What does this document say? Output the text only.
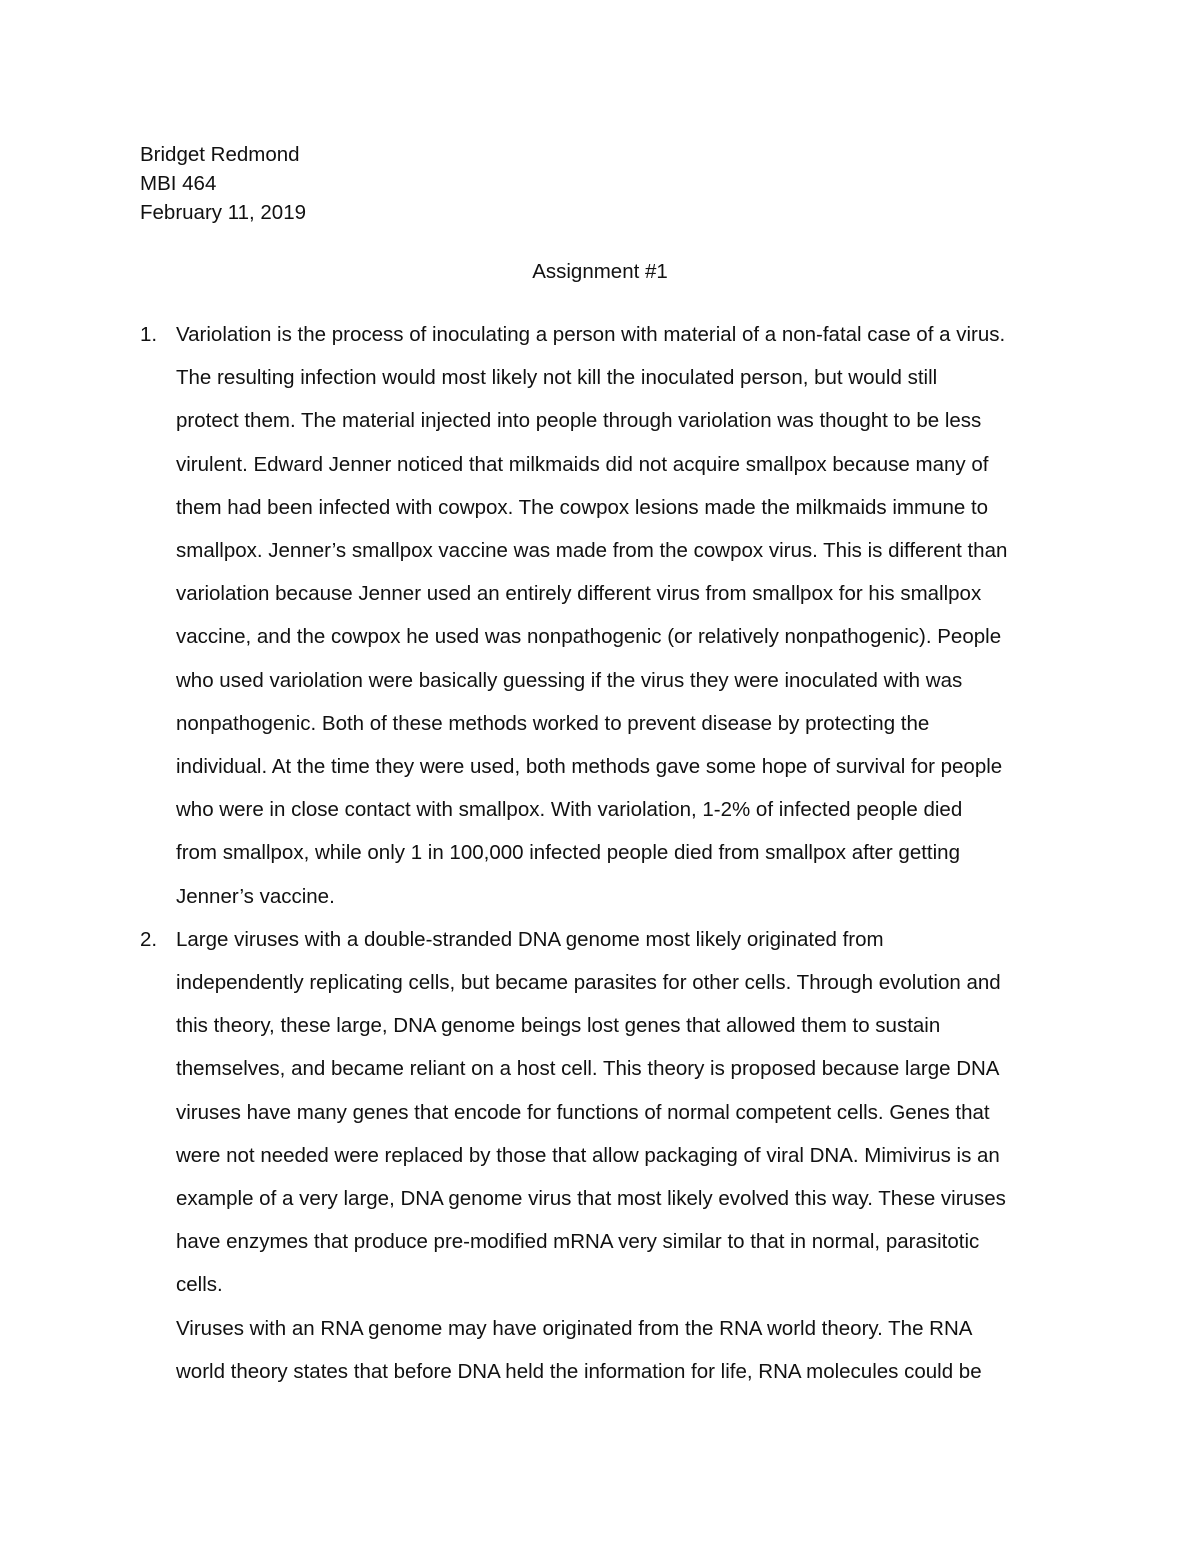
Bridget Redmond
MBI 464
February 11, 2019
Assignment #1
1. Variolation is the process of inoculating a person with material of a non-fatal case of a virus.
The resulting infection would most likely not kill the inoculated person, but would still
protect them. The material injected into people through variolation was thought to be less
virulent. Edward Jenner noticed that milkmaids did not acquire smallpox because many of
them had been infected with cowpox. The cowpox lesions made the milkmaids immune to
smallpox. Jenner’s smallpox vaccine was made from the cowpox virus. This is different than
variolation because Jenner used an entirely different virus from smallpox for his smallpox
vaccine, and the cowpox he used was nonpathogenic (or relatively nonpathogenic). People
who used variolation were basically guessing if the virus they were inoculated with was
nonpathogenic. Both of these methods worked to prevent disease by protecting the
individual. At the time they were used, both methods gave some hope of survival for people
who were in close contact with smallpox. With variolation, 1-2% of infected people died
from smallpox, while only 1 in 100,000 infected people died from smallpox after getting
Jenner’s vaccine.
2. Large viruses with a double-stranded DNA genome most likely originated from
independently replicating cells, but became parasites for other cells. Through evolution and
this theory, these large, DNA genome beings lost genes that allowed them to sustain
themselves, and became reliant on a host cell. This theory is proposed because large DNA
viruses have many genes that encode for functions of normal competent cells. Genes that
were not needed were replaced by those that allow packaging of viral DNA. Mimivirus is an
example of a very large, DNA genome virus that most likely evolved this way. These viruses
have enzymes that produce pre-modified mRNA very similar to that in normal, parasitotic
cells.
Viruses with an RNA genome may have originated from the RNA world theory. The RNA
world theory states that before DNA held the information for life, RNA molecules could be
